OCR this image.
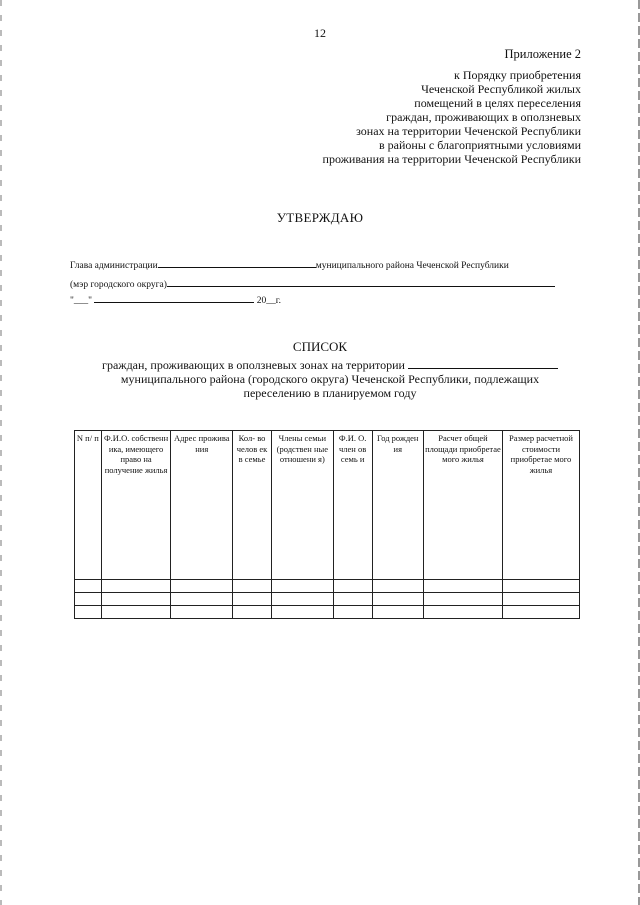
12
Приложение 2
к Порядку приобретения
Чеченской Республикой жилых
помещений в целях переселения
граждан, проживающих в оползневых
зонах на территории Чеченской Республики
в районы с благоприятными условиями
проживания на территории Чеченской Республики
УТВЕРЖДАЮ
Глава администрации	муниципального района Чеченской Республики
(мэр городского округа)
"___"	20__г.
СПИСОК
граждан, проживающих в оползневых зонах на территории
муниципального района (городского округа) Чеченской Республики, подлежащих
переселению в планируемом году
N п/ п	Ф.И.О. собственн ика, имеющего право на получение жилья	Адрес прожива ния	Кол- во челов ек в семье	Члены семьи (родствен ные отношени я)	Ф.И. О. член ов семь и	Год рожден ия	Расчет общей площади приобретае мого жилья	Размер расчетной стоимости приобретае мого жилья
